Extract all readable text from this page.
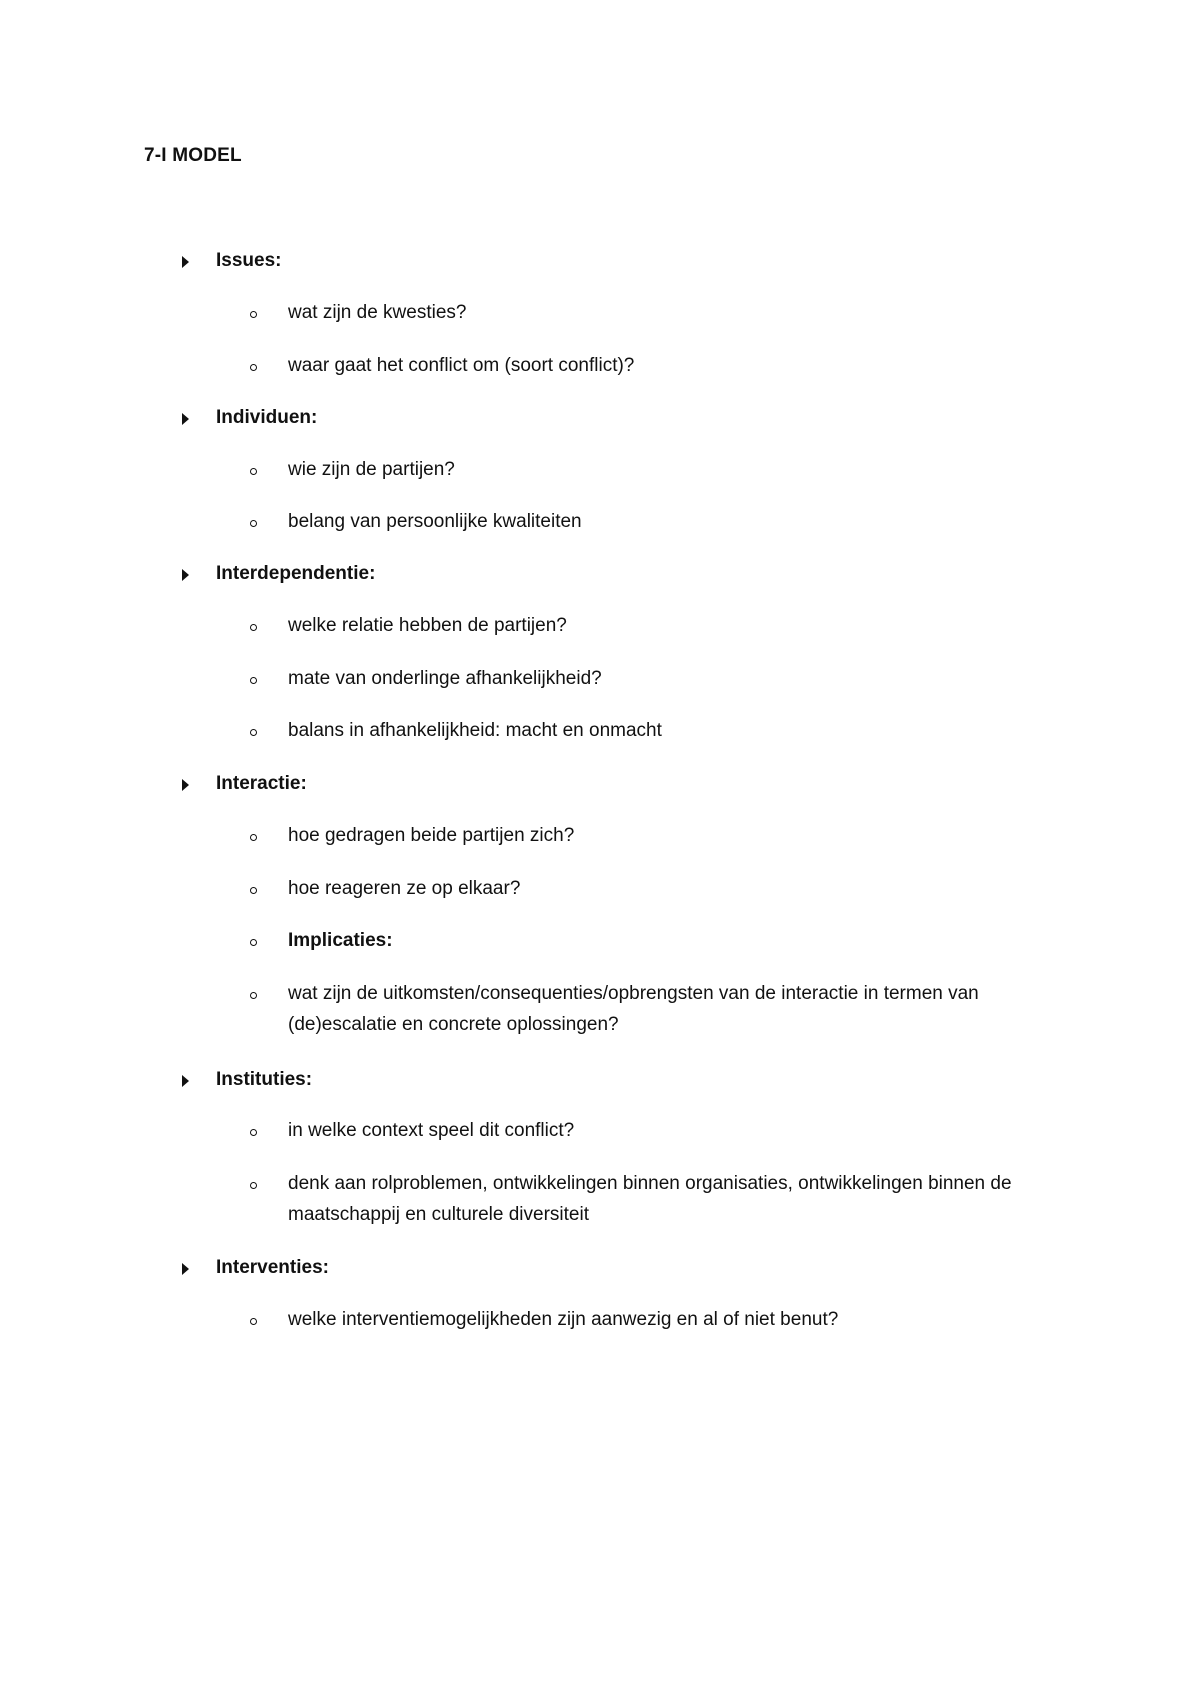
7-I MODEL
Issues:
wat zijn de kwesties?
waar gaat het conflict om (soort conflict)?
Individuen:
wie zijn de partijen?
belang van persoonlijke kwaliteiten
Interdependentie:
welke relatie hebben de partijen?
mate van onderlinge afhankelijkheid?
balans in afhankelijkheid: macht en onmacht
Interactie:
hoe gedragen beide partijen zich?
hoe reageren ze op elkaar?
Implicaties:
wat zijn de uitkomsten/consequenties/opbrengsten van de interactie in termen van (de)escalatie en concrete oplossingen?
Instituties:
in welke context speel dit conflict?
denk aan rolproblemen, ontwikkelingen binnen organisaties, ontwikkelingen binnen de maatschappij en culturele diversiteit
Interventies:
welke interventiemogelijkheden zijn aanwezig en al of niet benut?
